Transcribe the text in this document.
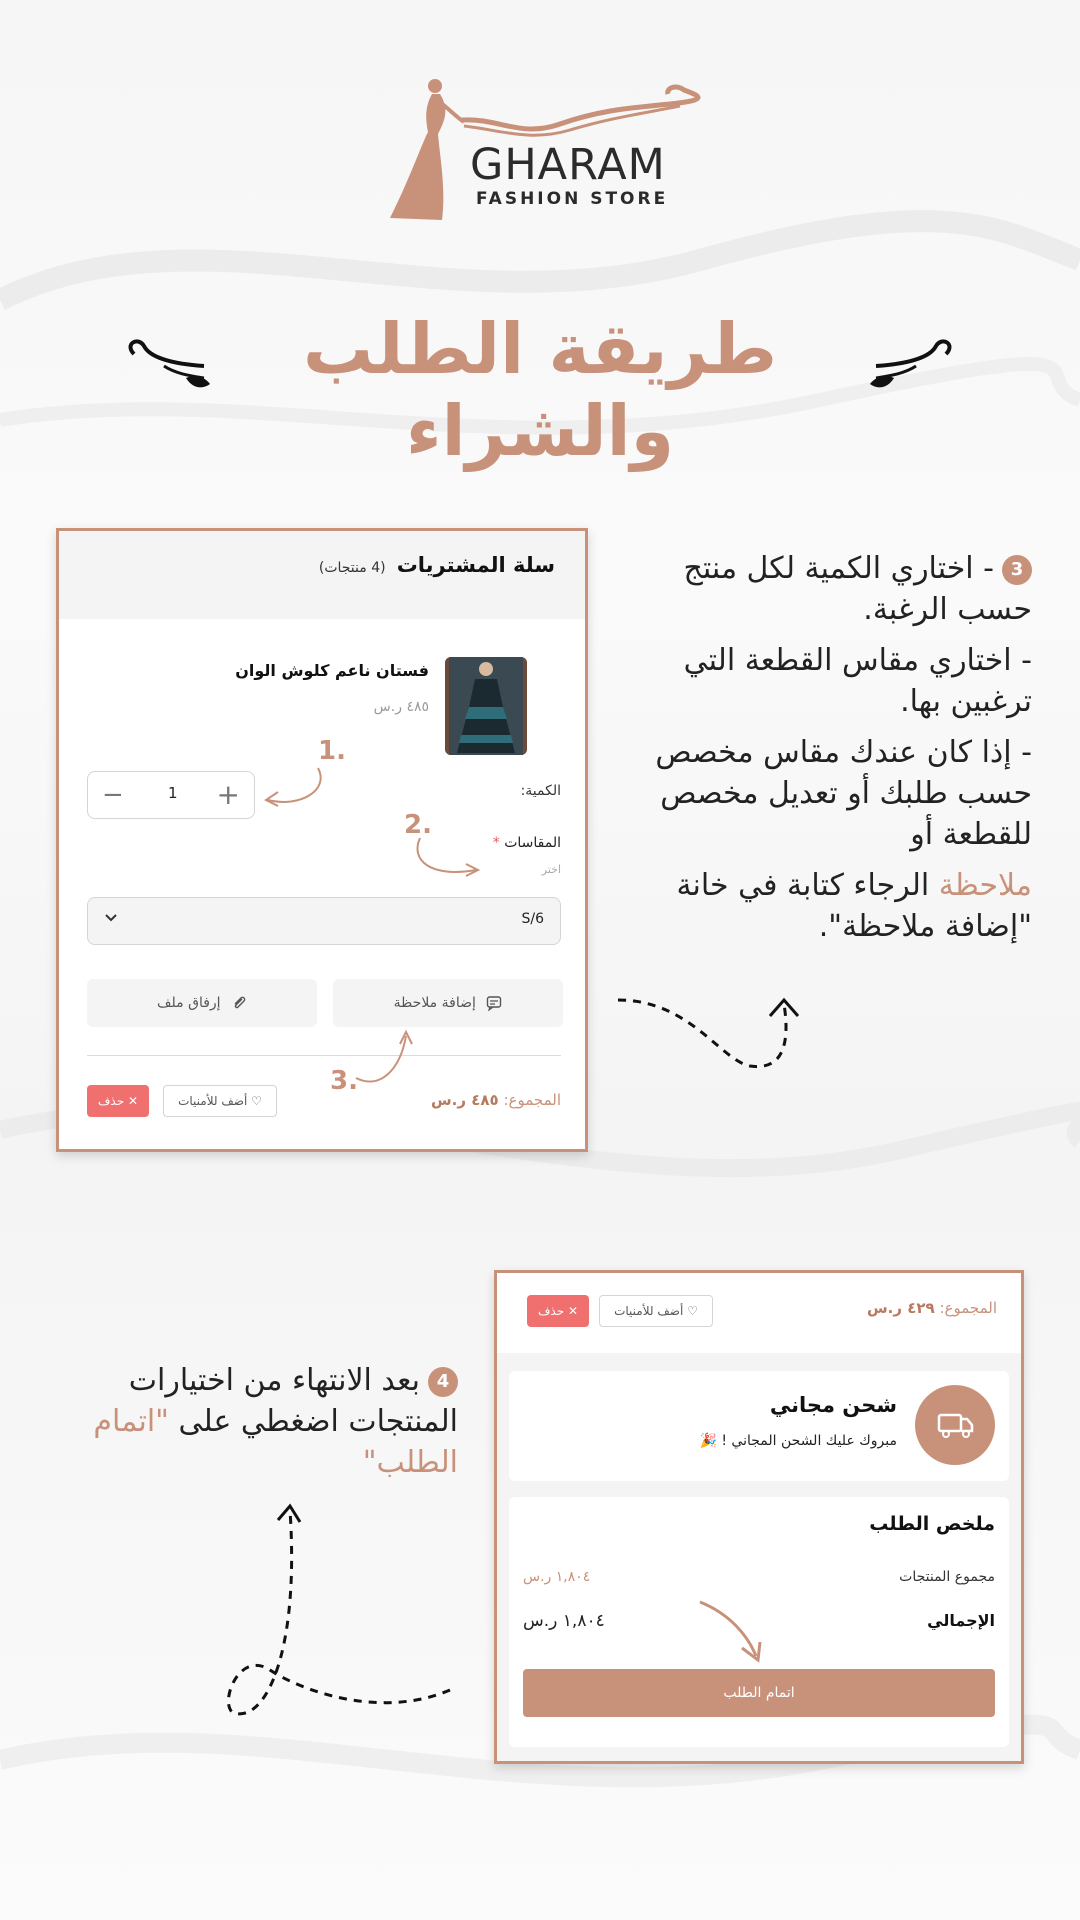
GHARAM
FASHION STORE
طريقة الطلب والشراء
سلة المشتريات (4 منتجات)
فستان ناعم كلوش الوان
٤٨٥ ر.س
الكمية:
−	1 +
المقاسات *
اختر
S/6
إضافة ملاحظة
إرفاق ملف
المجموع: ٤٨٥ ر.س
♡ أضف للأمنيات
✕ حذف
1.
2.
3.

3- اختاري الكمية لكل منتج حسب الرغبة.

- اختاري مقاس القطعة التي ترغبين بها.

- إذا كان عندك مقاس مخصص حسب طلبك أو تعديل مخصص للقطعة أو

ملاحظة الرجاء كتابة في خانة "إضافة ملاحظة".

المجموع: ٤٢٩ ر.س
♡ أضف للأمنيات
✕ حذف
شحن مجاني
مبروك عليك الشحن المجاني ! 🎉
ملخص الطلب
مجموع المنتجات
١,٨٠٤ ر.س
الإجمالي
١,٨٠٤ ر.س
اتمام الطلب
4بعد الانتهاء من اختيارات المنتجات اضغطي على "اتمام الطلب"
